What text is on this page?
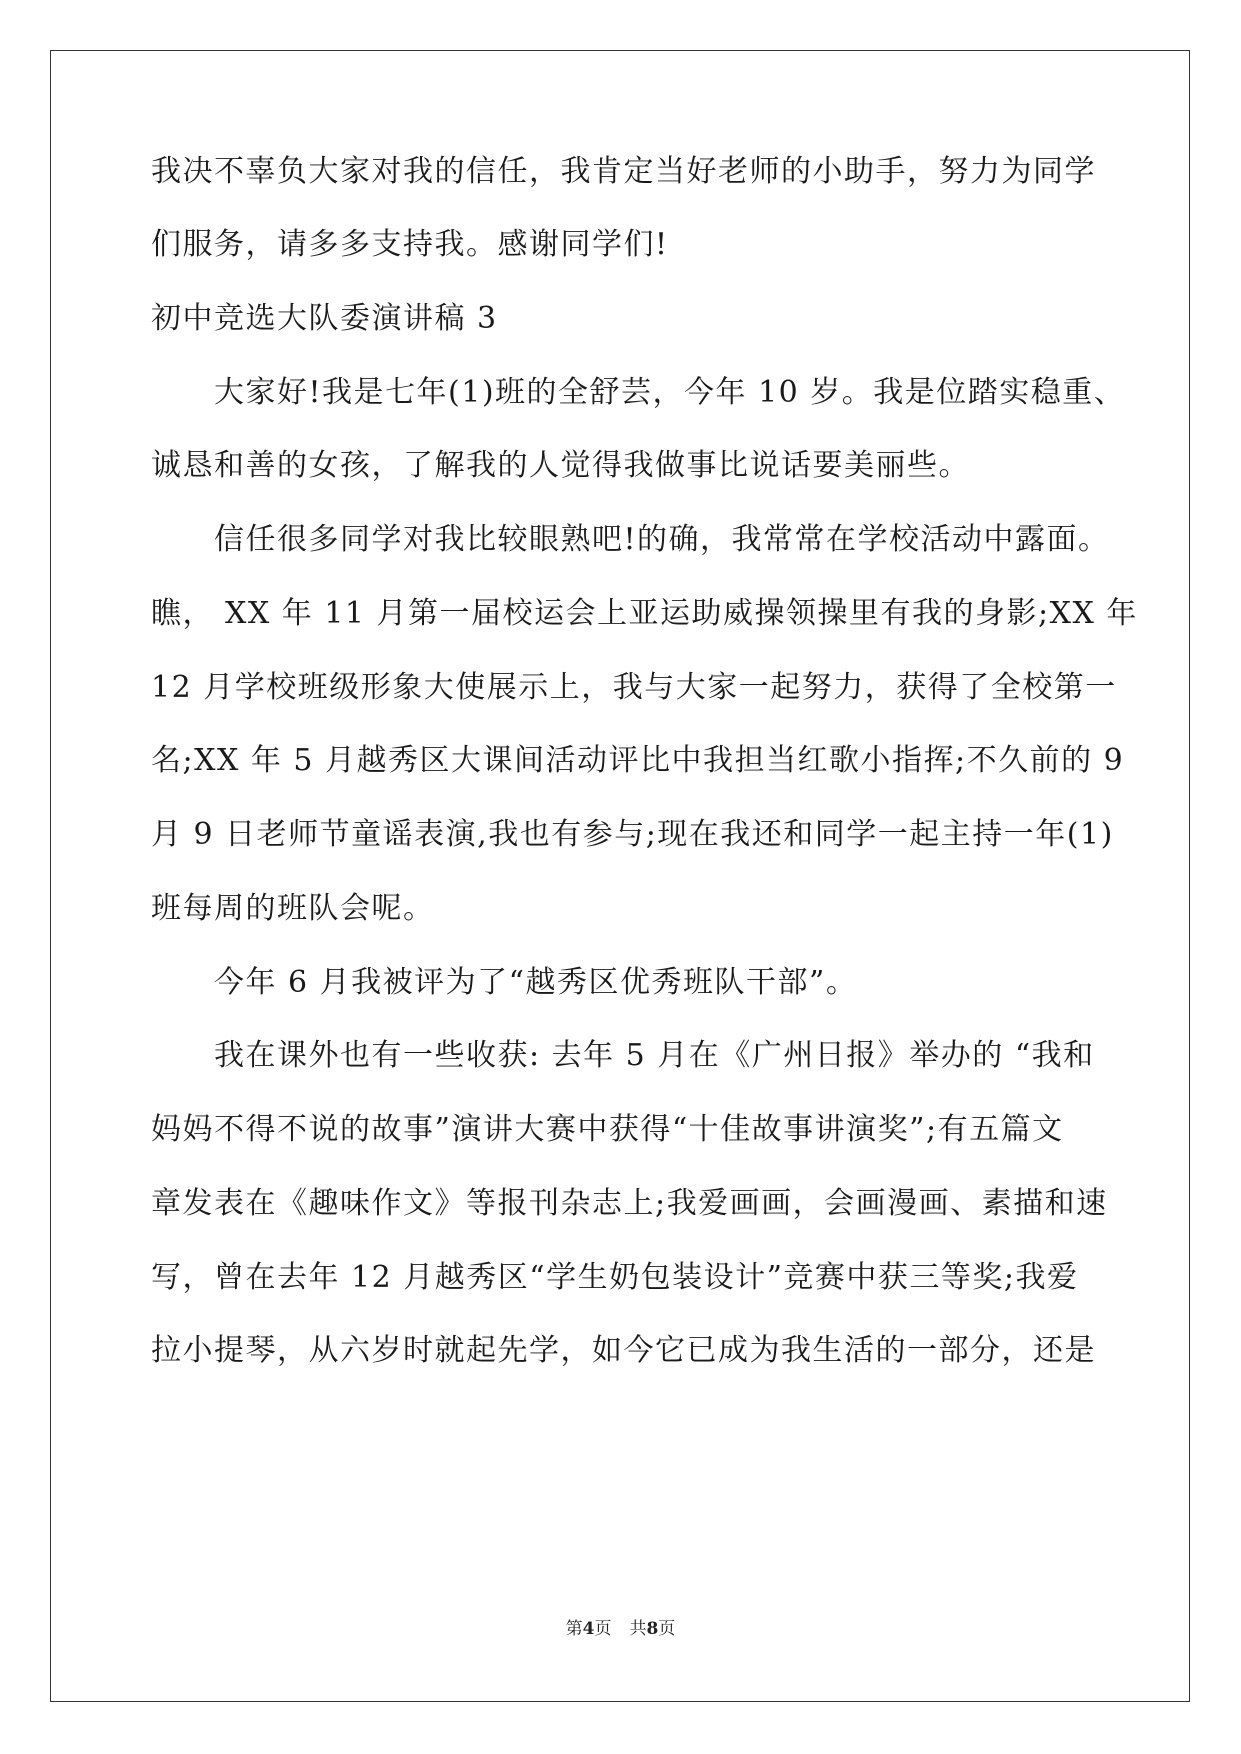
我决不辜负大家对我的信任，我肯定当好老师的小助手，努力为同学
们服务，请多多支持我。感谢同学们!
初中竞选大队委演讲稿 3
　　大家好!我是七年(1)班的全舒芸，今年 10 岁。我是位踏实稳重、
诚恳和善的女孩，了解我的人觉得我做事比说话要美丽些。
　　信任很多同学对我比较眼熟吧!的确，我常常在学校活动中露面。
瞧， XX 年 11 月第一届校运会上亚运助威操领操里有我的身影;XX 年
12 月学校班级形象大使展示上，我与大家一起努力，获得了全校第一
名;XX 年 5 月越秀区大课间活动评比中我担当红歌小指挥;不久前的 9
月 9 日老师节童谣表演,我也有参与;现在我还和同学一起主持一年(1)
班每周的班队会呢。
　　今年 6 月我被评为了“越秀区优秀班队干部”。
　　我在课外也有一些收获: 去年 5 月在《广州日报》举办的 “我和
妈妈不得不说的故事”演讲大赛中获得“十佳故事讲演奖”;有五篇文
章发表在《趣味作文》等报刊杂志上;我爱画画，会画漫画、素描和速
写，曾在去年 12 月越秀区“学生奶包装设计”竞赛中获三等奖;我爱
拉小提琴，从六岁时就起先学，如今它已成为我生活的一部分，还是
第4页 共8页
